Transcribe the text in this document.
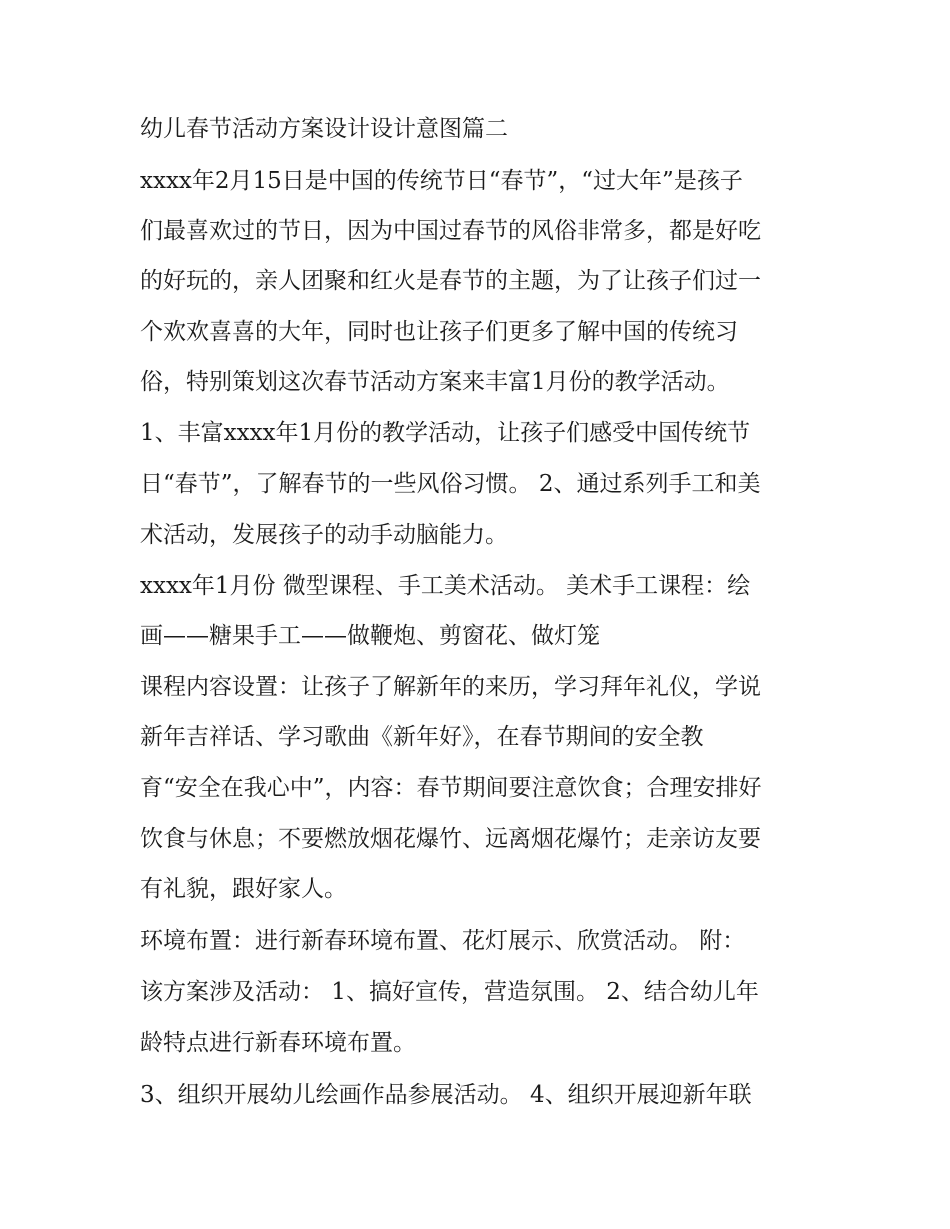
幼儿春节活动方案设计设计意图篇二

xxxx年2月15日是中国的传统节日“春节”，“过大年”是孩子

们最喜欢过的节日，因为中国过春节的风俗非常多，都是好吃

的好玩的，亲人团聚和红火是春节的主题，为了让孩子们过一

个欢欢喜喜的大年，同时也让孩子们更多了解中国的传统习

俗，特别策划这次春节活动方案来丰富1月份的教学活动。

1、丰富xxxx年1月份的教学活动，让孩子们感受中国传统节

日“春节”，了解春节的一些风俗习惯。 2、通过系列手工和美

术活动，发展孩子的动手动脑能力。

xxxx年1月份 微型课程、手工美术活动。 美术手工课程：绘

画——糖果手工——做鞭炮、剪窗花、做灯笼

课程内容设置：让孩子了解新年的来历，学习拜年礼仪，学说

新年吉祥话、学习歌曲《新年好》，在春节期间的安全教

育“安全在我心中”，内容：春节期间要注意饮食；合理安排好

饮食与休息；不要燃放烟花爆竹、远离烟花爆竹；走亲访友要

有礼貌，跟好家人。

环境布置：进行新春环境布置、花灯展示、欣赏活动。 附：

该方案涉及活动： 1、搞好宣传，营造氛围。 2、结合幼儿年

龄特点进行新春环境布置。

3、组织开展幼儿绘画作品参展活动。 4、组织开展迎新年联
